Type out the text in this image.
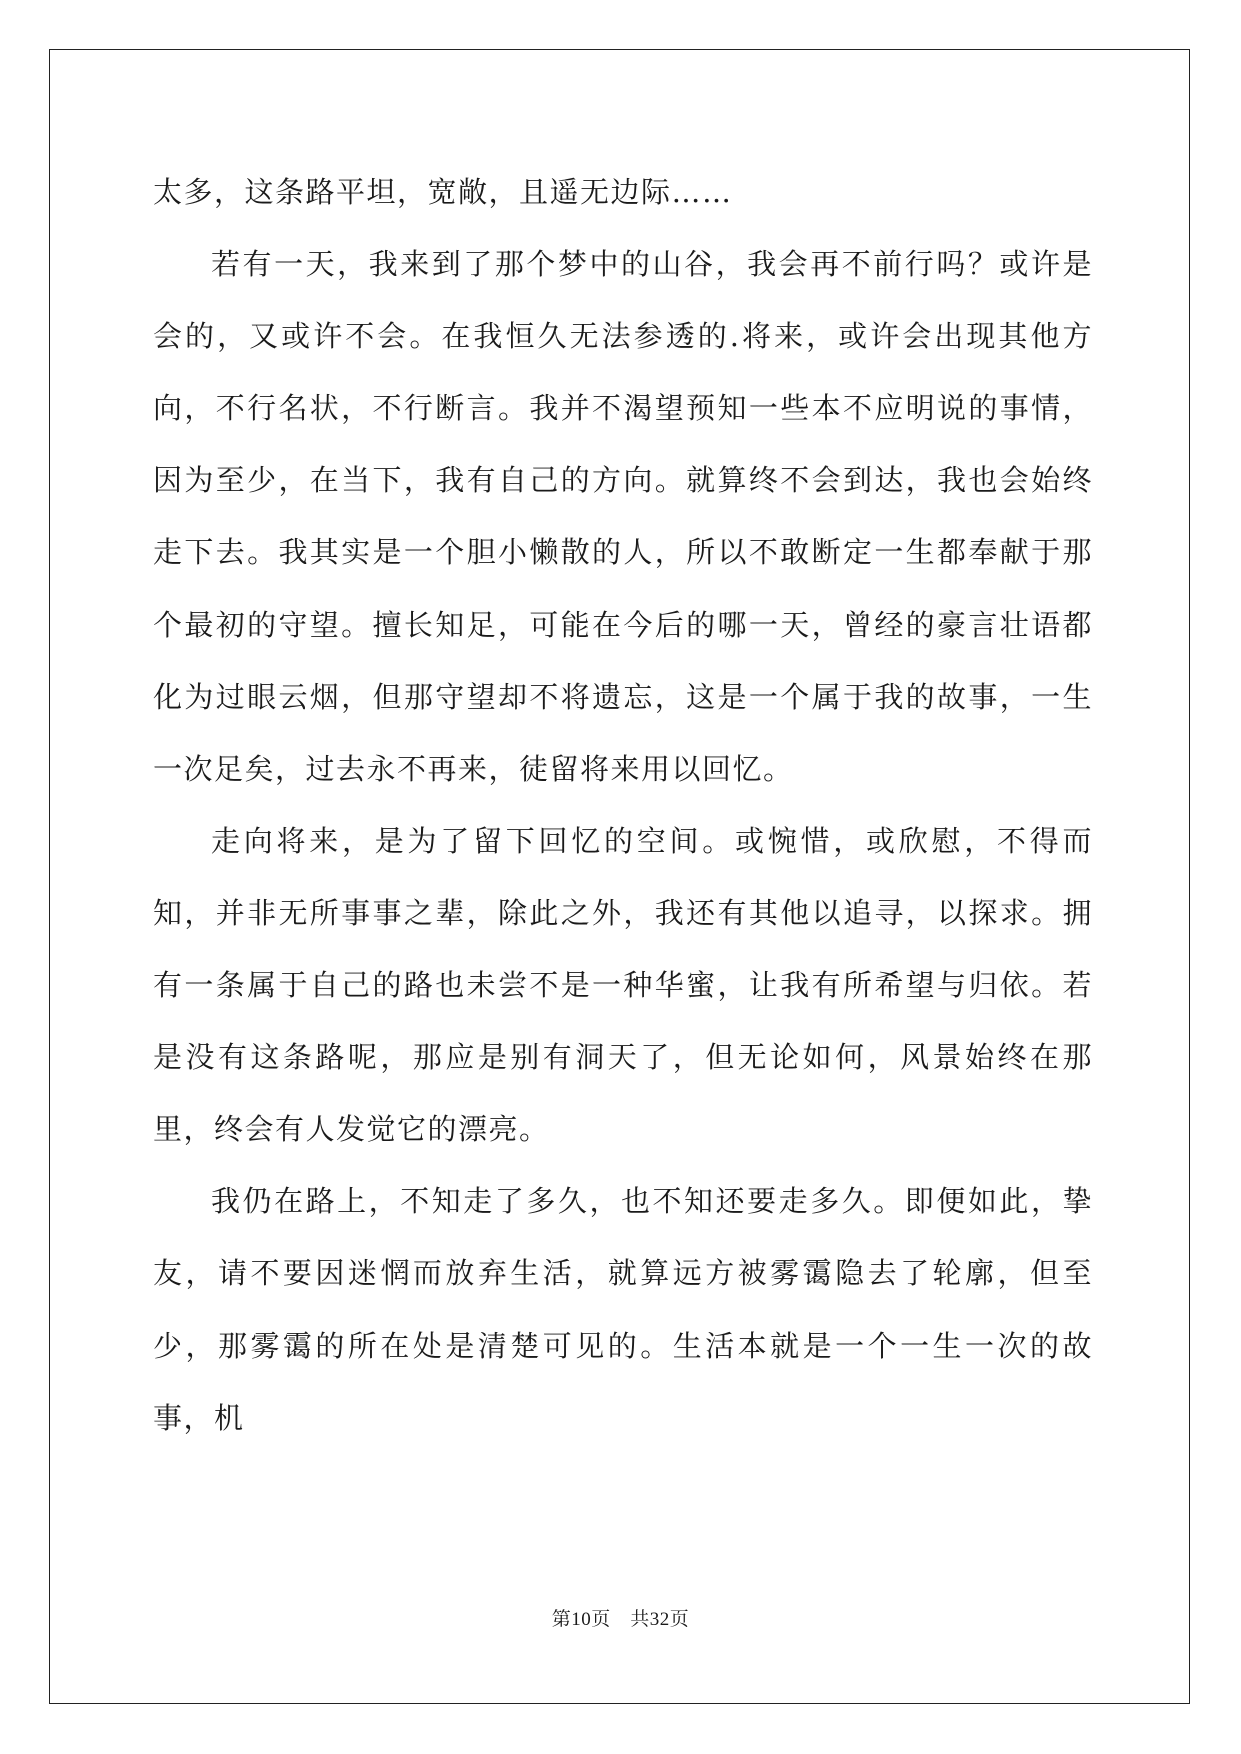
太多，这条路平坦，宽敞，且遥无边际……

若有一天，我来到了那个梦中的山谷，我会再不前行吗？或许是会的，又或许不会。在我恒久无法参透的.将来，或许会出现其他方向，不行名状，不行断言。我并不渴望预知一些本不应明说的事情，因为至少，在当下，我有自己的方向。就算终不会到达，我也会始终走下去。我其实是一个胆小懒散的人，所以不敢断定一生都奉献于那个最初的守望。擅长知足，可能在今后的哪一天，曾经的豪言壮语都化为过眼云烟，但那守望却不将遗忘，这是一个属于我的故事，一生一次足矣，过去永不再来，徒留将来用以回忆。

走向将来，是为了留下回忆的空间。或惋惜，或欣慰，不得而知，并非无所事事之辈，除此之外，我还有其他以追寻，以探求。拥有一条属于自己的路也未尝不是一种华蜜，让我有所希望与归依。若是没有这条路呢，那应是别有洞天了，但无论如何，风景始终在那里，终会有人发觉它的漂亮。

我仍在路上，不知走了多久，也不知还要走多久。即便如此，挚友，请不要因迷惘而放弃生活，就算远方被雾霭隐去了轮廓，但至少，那雾霭的所在处是清楚可见的。生活本就是一个一生一次的故事，机

第10页　共32页
